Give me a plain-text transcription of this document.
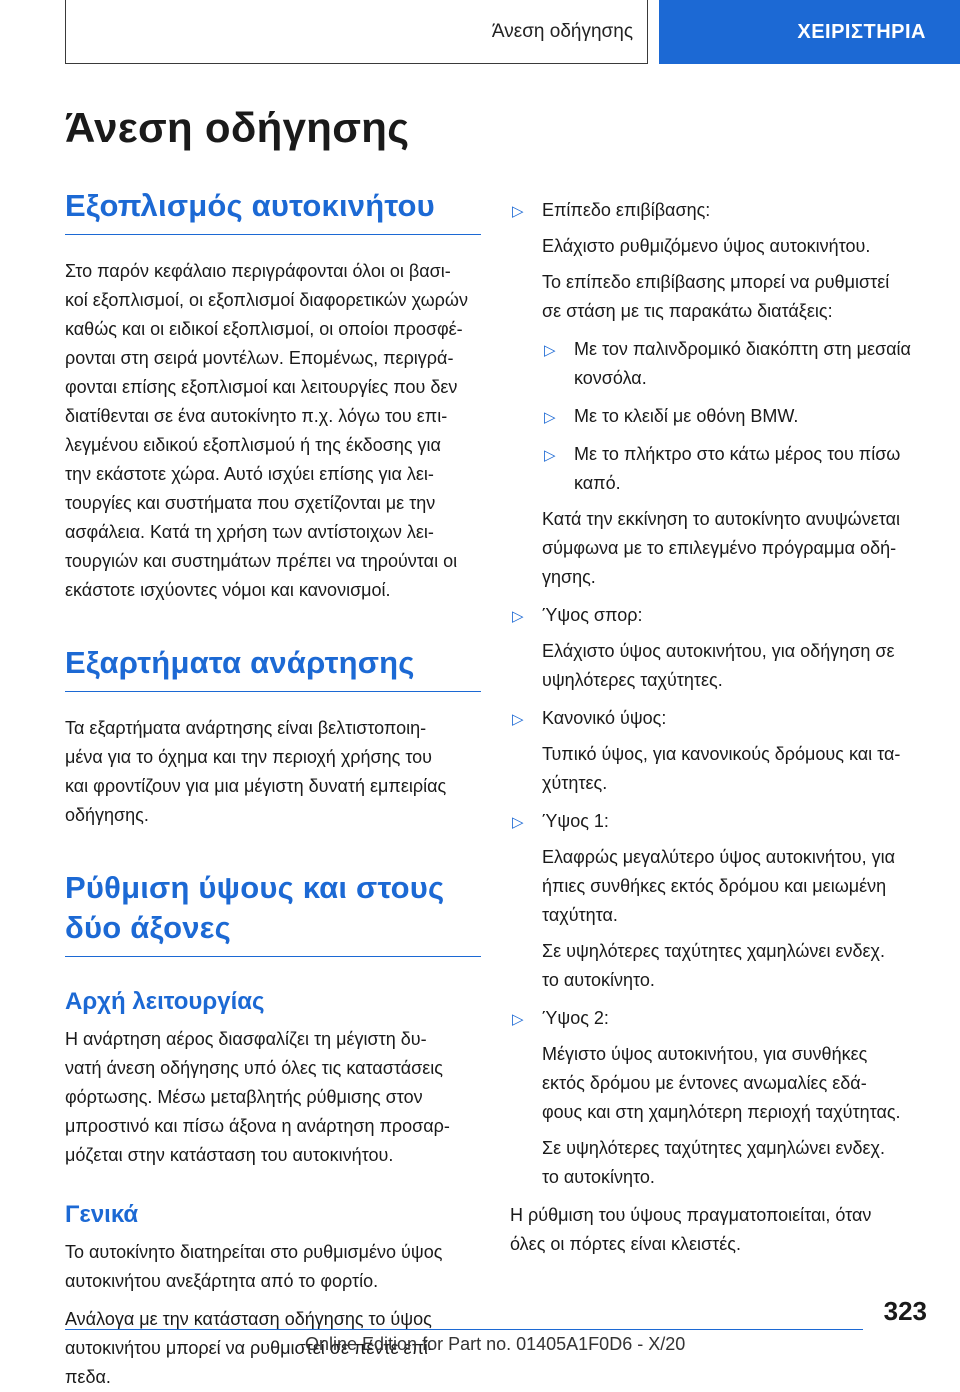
Άνεση οδήγησης	ΧΕΙΡΙΣΤΗΡΙΑ
Άνεση οδήγησης
Εξοπλισμός αυτοκινήτου

Στο παρόν κεφάλαιο περιγράφονται όλοι οι βασι‐
κοί εξοπλισμοί, οι εξοπλισμοί διαφορετικών χωρών
καθώς και οι ειδικοί εξοπλισμοί, οι οποίοι προσφέ‐
ρονται στη σειρά μοντέλων. Επομένως, περιγρά‐
φονται επίσης εξοπλισμοί και λειτουργίες που δεν
διατίθενται σε ένα αυτοκίνητο π.χ. λόγω του επι‐
λεγμένου ειδικού εξοπλισμού ή της έκδοσης για
την εκάστοτε χώρα. Αυτό ισχύει επίσης για λει‐
τουργίες και συστήματα που σχετίζονται με την
ασφάλεια. Κατά τη χρήση των αντίστοιχων λει‐
τουργιών και συστημάτων πρέπει να τηρούνται οι
εκάστοτε ισχύοντες νόμοι και κανονισμοί.

Εξαρτήματα ανάρτησης

Τα εξαρτήματα ανάρτησης είναι βελτιστοποιη‐
μένα για το όχημα και την περιοχή χρήσης του
και φροντίζουν για μια μέγιστη δυνατή εμπειρίας
οδήγησης.

Ρύθμιση ύψους και στους
δύο άξονες
Αρχή λειτουργίας

Η ανάρτηση αέρος διασφαλίζει τη μέγιστη δυ‐
νατή άνεση οδήγησης υπό όλες τις καταστάσεις
φόρτωσης. Μέσω μεταβλητής ρύθμισης στον
μπροστινό και πίσω άξονα η ανάρτηση προσαρ‐
μόζεται στην κατάσταση του αυτοκινήτου.

Γενικά

Το αυτοκίνητο διατηρείται στο ρυθμισμένο ύψος
αυτοκινήτου ανεξάρτητα από το φορτίο.

Ανάλογα με την κατάσταση οδήγησης το ύψος
αυτοκινήτου μπορεί να ρυθμιστεί σε πέντε επί‐
πεδα.

▷ Επίπεδο επιβίβασης:

Ελάχιστο ρυθμιζόμενο ύψος αυτοκινήτου.

Το επίπεδο επιβίβασης μπορεί να ρυθμιστεί
σε στάση με τις παρακάτω διατάξεις:

▷ Με τον παλινδρομικό διακόπτη στη μεσαία
κονσόλα.

▷ Με το κλειδί με οθόνη BMW.

▷ Με το πλήκτρο στο κάτω μέρος του πίσω
καπό.

Κατά την εκκίνηση το αυτοκίνητο ανυψώνεται
σύμφωνα με το επιλεγμένο πρόγραμμα οδή‐
γησης.

▷ Ύψος σπορ:

Ελάχιστο ύψος αυτοκινήτου, για οδήγηση σε
υψηλότερες ταχύτητες.

▷ Κανονικό ύψος:

Τυπικό ύψος, για κανονικούς δρόμους και τα‐
χύτητες.

▷ Ύψος 1:

Ελαφρώς μεγαλύτερο ύψος αυτοκινήτου, για
ήπιες συνθήκες εκτός δρόμου και μειωμένη
ταχύτητα.

Σε υψηλότερες ταχύτητες χαμηλώνει ενδεχ.
το αυτοκίνητο.

▷ Ύψος 2:

Μέγιστο ύψος αυτοκινήτου, για συνθήκες
εκτός δρόμου με έντονες ανωμαλίες εδά‐
φους και στη χαμηλότερη περιοχή ταχύτητας.

Σε υψηλότερες ταχύτητες χαμηλώνει ενδεχ.
το αυτοκίνητο.

Η ρύθμιση του ύψους πραγματοποιείται, όταν
όλες οι πόρτες είναι κλειστές.

323
Online Edition for Part no. 01405A1F0D6 - X/20
